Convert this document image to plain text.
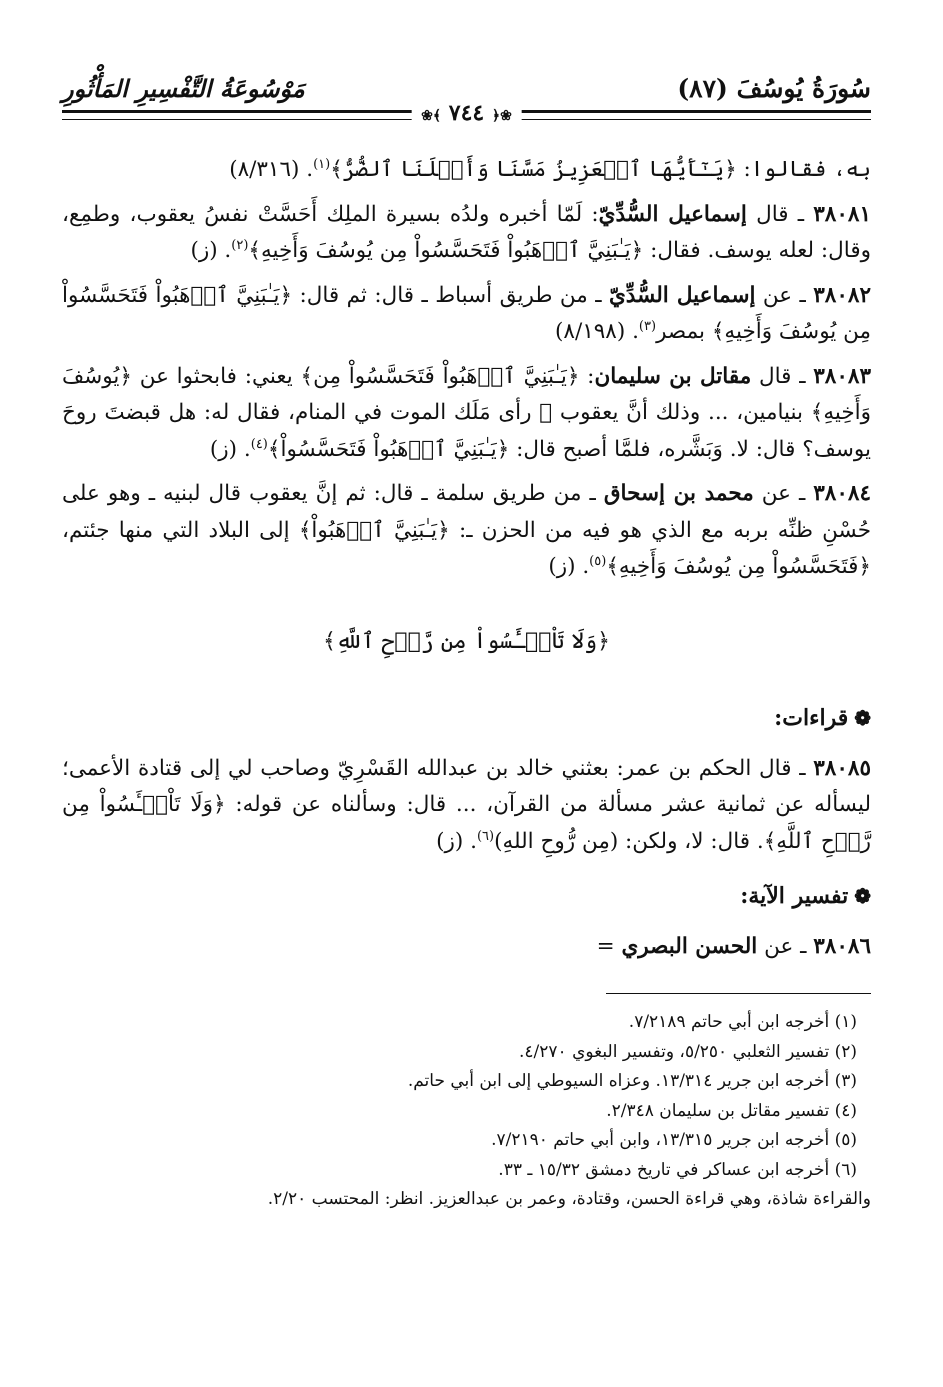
سُورَةُ يُوسُفَ (٨٧)
مَوْسُوعَةُ التَّفْسِيرِ المَأْثُورِ
❀﴿ ٧٤٤ ﴾❀

به، فقالوا: ﴿يَـٰٓأَيُّهَا ٱلۡعَزِيزُ مَسَّنَا وَأَهۡلَنَا ٱلضُّرُّ﴾$^{(١)}$. (٨/٣١٦)

٣٨٠٨١ ـ قال إسماعيل السُّدِّيّ: لَمّا أخبره ولدُه بسيرة الملِك أَحَسَّتْ نفسُ يعقوب، وطمِع، وقال: لعله يوسف. فقال: ﴿يَـٰبَنِيَّ ٱذۡهَبُواْ فَتَحَسَّسُواْ مِن يُوسُفَ وَأَخِيهِ﴾$^{(٢)}$. (ز)

٣٨٠٨٢ ـ عن إسماعيل السُّدِّيّ ـ من طريق أسباط ـ قال: ثم قال: ﴿يَـٰبَنِيَّ ٱذۡهَبُواْ فَتَحَسَّسُواْ مِن يُوسُفَ وَأَخِيهِ﴾ بمصر$^{(٣)}$. (٨/١٩٨)

٣٨٠٨٣ ـ قال مقاتل بن سليمان: ﴿يَـٰبَنِيَّ ٱذۡهَبُواْ فَتَحَسَّسُواْ مِن﴾ يعني: فابحثوا عن ﴿يُوسُفَ وَأَخِيهِ﴾ بنيامين، ... وذلك أنَّ يعقوب ﵇ رأى مَلَك الموت في المنام، فقال له: هل قبضتَ روحَ يوسف؟ قال: لا. وَبَشَّره، فلمَّا أصبح قال: ﴿يَـٰبَنِيَّ ٱذۡهَبُواْ فَتَحَسَّسُواْ﴾$^{(٤)}$. (ز)

٣٨٠٨٤ ـ عن محمد بن إسحاق ـ من طريق سلمة ـ قال: ثم إنَّ يعقوب قال لبنيه ـ وهو على حُسْنِ ظنِّه بربه مع الذي هو فيه من الحزن ـ: ﴿يَـٰبَنِيَّ ٱذۡهَبُواْ﴾ إلى البلاد التي منها جئتم، ﴿فَتَحَسَّسُواْ مِن يُوسُفَ وَأَخِيهِ﴾$^{(٥)}$. (ز)

﴿وَلَا تَاْيۡـَٔسُواْ مِن رَّوۡحِ ٱللَّهِ﴾
❁قراءات:

٣٨٠٨٥ ـ قال الحكم بن عمر: بعثني خالد بن عبدالله القَسْرِيّ وصاحب لي إلى قتادة الأعمى؛ ليسأله عن ثمانية عشر مسألة من القرآن، ... قال: وسألناه عن قوله: ﴿وَلَا تَاْيۡـَٔسُواْ مِن رَّوۡحِ ٱللَّهِ﴾. قال: لا، ولكن: (مِن رُّوحِ اللهِ)$^{(٦)}$. (ز)

❁تفسير الآية:

٣٨٠٨٦ ـ عن الحسن البصري =

(١) أخرجه ابن أبي حاتم ٧/٢١٨٩.
(٢) تفسير الثعلبي ٥/٢٥٠، وتفسير البغوي ٤/٢٧٠.
(٣) أخرجه ابن جرير ١٣/٣١٤. وعزاه السيوطي إلى ابن أبي حاتم.
(٤) تفسير مقاتل بن سليمان ٢/٣٤٨.
(٥) أخرجه ابن جرير ١٣/٣١٥، وابن أبي حاتم ٧/٢١٩٠.
(٦) أخرجه ابن عساكر في تاريخ دمشق ١٥/٣٢ ـ ٣٣.
والقراءة شاذة، وهي قراءة الحسن، وقتادة، وعمر بن عبدالعزيز. انظر: المحتسب ٢/٢٠.
